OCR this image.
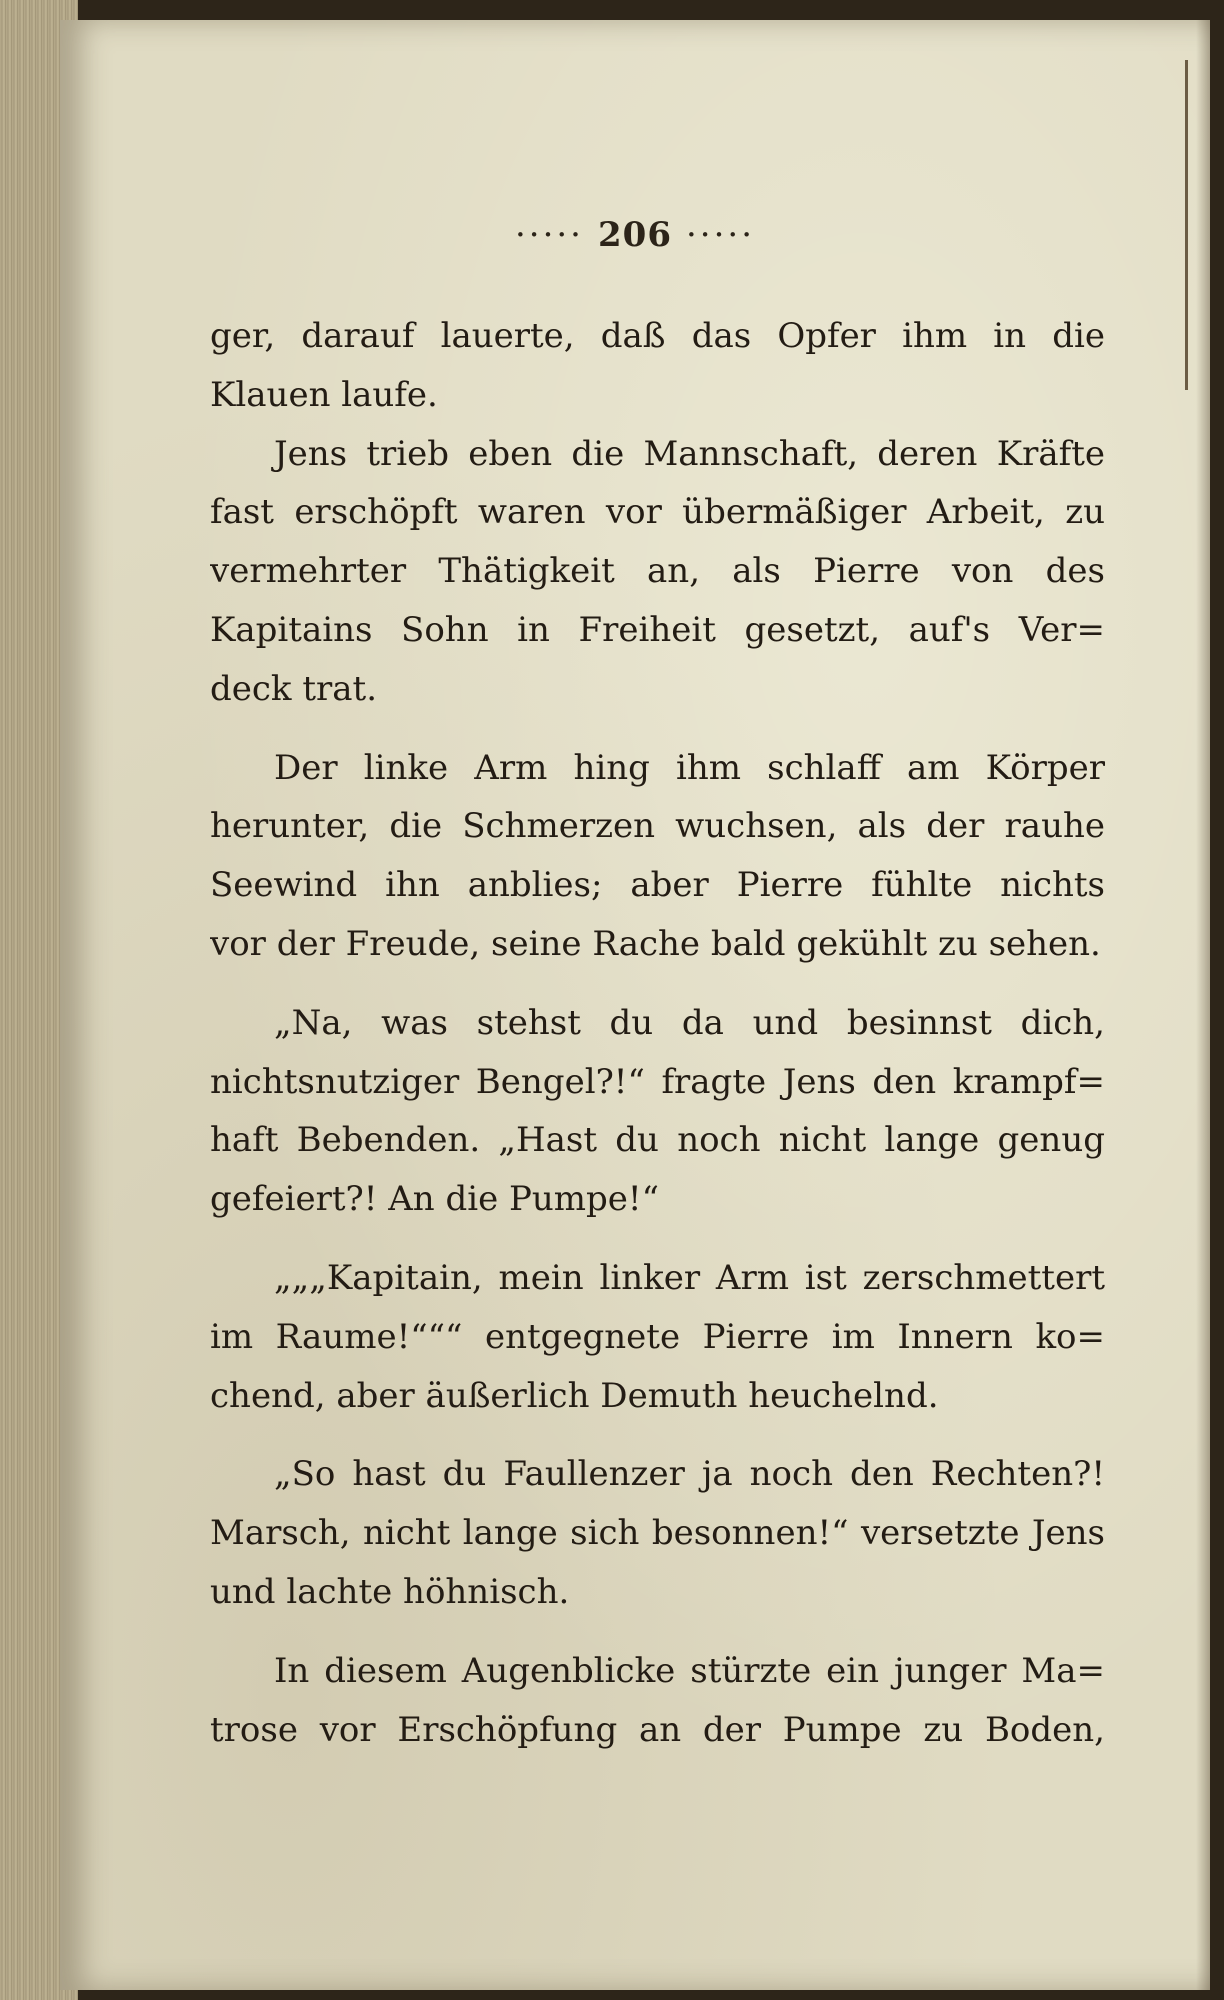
····· 206 ·····
ger, darauf lauerte, daß das Opfer ihm in die
Klauen laufe.
Jens trieb eben die Mannschaft, deren Kräfte
fast erschöpft waren vor übermäßiger Arbeit, zu
vermehrter Thätigkeit an, als Pierre von des
Kapitains Sohn in Freiheit gesetzt, auf's Ver=
deck trat.
Der linke Arm hing ihm schlaff am Körper
herunter, die Schmerzen wuchsen, als der rauhe
Seewind ihn anblies; aber Pierre fühlte nichts
vor der Freude, seine Rache bald gekühlt zu sehen.
„Na, was stehst du da und besinnst dich,
nichtsnutziger Bengel?!“ fragte Jens den krampf=
haft Bebenden. „Hast du noch nicht lange genug
gefeiert?! An die Pumpe!“
„„„Kapitain, mein linker Arm ist zerschmettert
im Raume!“““ entgegnete Pierre im Innern ko=
chend, aber äußerlich Demuth heuchelnd.
„So hast du Faullenzer ja noch den Rechten?!
Marsch, nicht lange sich besonnen!“ versetzte Jens
und lachte höhnisch.
In diesem Augenblicke stürzte ein junger Ma=
trose vor Erschöpfung an der Pumpe zu Boden,
